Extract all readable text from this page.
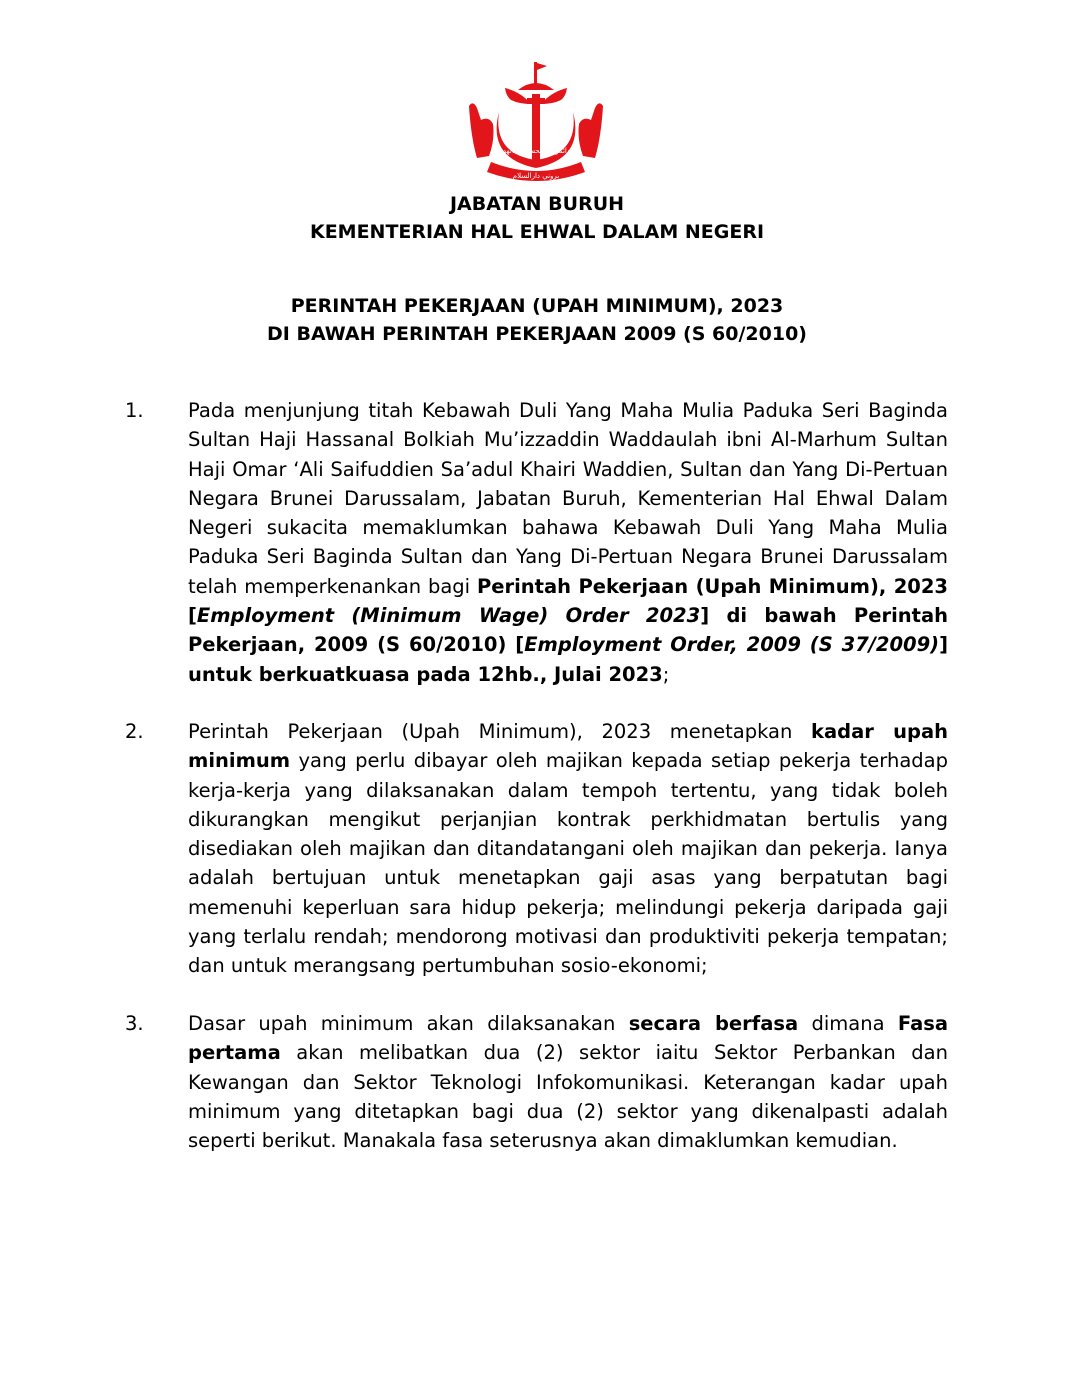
الدائمون المحسنون بالهدى
بروني دارالسلام
JABATAN BURUH
KEMENTERIAN HAL EHWAL DALAM NEGERI
PERINTAH PEKERJAAN (UPAH MINIMUM), 2023
DI BAWAH PERINTAH PEKERJAAN 2009 (S 60/2010)
1.	Pada menjunjung titah Kebawah Duli Yang Maha Mulia Paduka Seri Baginda Sultan Haji Hassanal Bolkiah Mu’izzaddin Waddaulah ibni Al-Marhum Sultan Haji Omar ‘Ali Saifuddien Sa’adul Khairi Waddien, Sultan dan Yang Di-Pertuan Negara Brunei Darussalam, Jabatan Buruh, Kementerian Hal Ehwal Dalam Negeri sukacita memaklumkan bahawa Kebawah Duli Yang Maha Mulia Paduka Seri Baginda Sultan dan Yang Di-Pertuan Negara Brunei Darussalam telah memperkenankan bagi Perintah Pekerjaan (Upah Minimum), 2023 [Employment (Minimum Wage) Order 2023] di bawah Perintah Pekerjaan, 2009 (S 60/2010) [Employment Order, 2009 (S 37/2009)] untuk berkuatkuasa pada 12hb., Julai 2023;
2.	Perintah Pekerjaan (Upah Minimum), 2023 menetapkan kadar upah minimum yang perlu dibayar oleh majikan kepada setiap pekerja terhadap kerja-kerja yang dilaksanakan dalam tempoh tertentu, yang tidak boleh dikurangkan mengikut perjanjian kontrak perkhidmatan bertulis yang disediakan oleh majikan dan ditandatangani oleh majikan dan pekerja. Ianya adalah bertujuan untuk menetapkan gaji asas yang berpatutan bagi memenuhi keperluan sara hidup pekerja; melindungi pekerja daripada gaji yang terlalu rendah; mendorong motivasi dan produktiviti pekerja tempatan; dan untuk merangsang pertumbuhan sosio-ekonomi;
3.	Dasar upah minimum akan dilaksanakan secara berfasa dimana Fasa pertama akan melibatkan dua (2) sektor iaitu Sektor Perbankan dan Kewangan dan Sektor Teknologi Infokomunikasi. Keterangan kadar upah minimum yang ditetapkan bagi dua (2) sektor yang dikenalpasti adalah seperti berikut. Manakala fasa seterusnya akan dimaklumkan kemudian.
